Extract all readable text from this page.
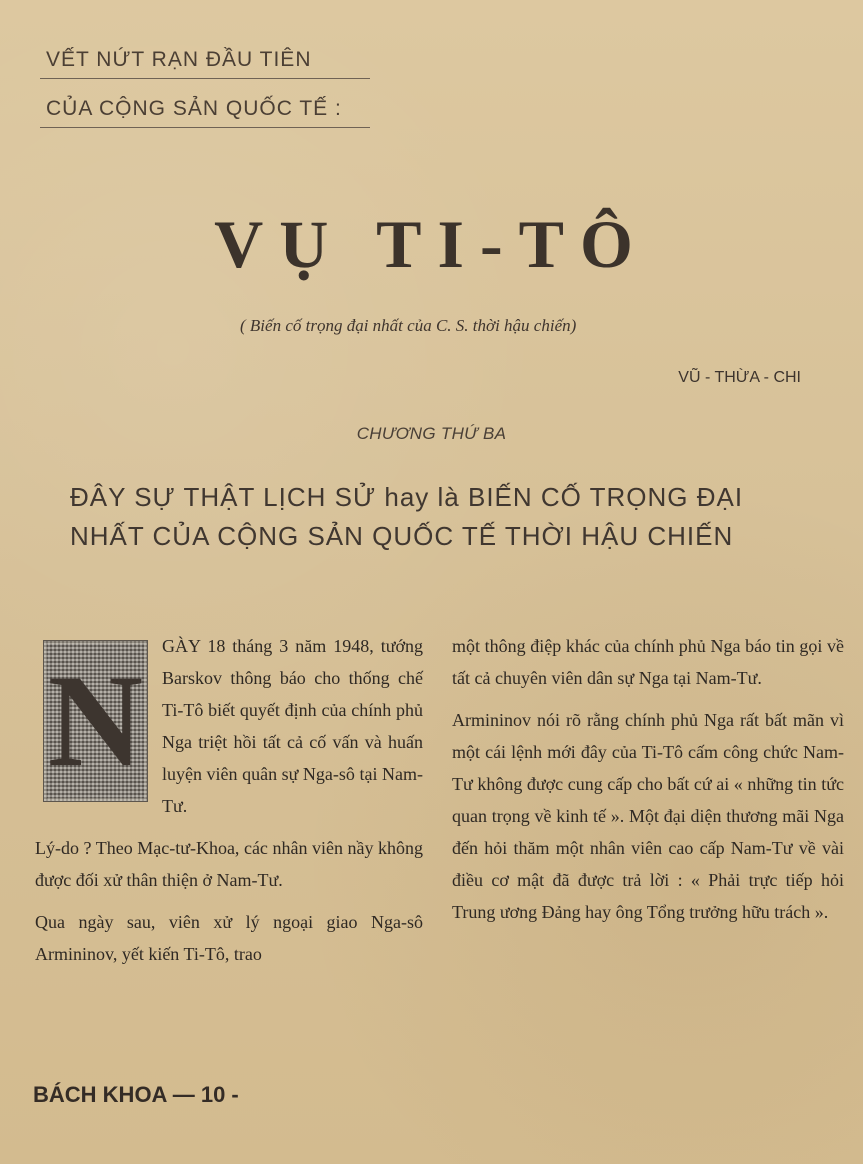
VẾT NỨT RẠN ĐẦU TIÊN
CỦA CỘNG SẢN QUỐC TẾ :
VỤ TI-TÔ
( Biến cố trọng đại nhất của C. S. thời hậu chiến)
VŨ - THỪA - CHI
CHƯƠNG THỨ BA
ĐÂY SỰ THẬT LỊCH SỬ hay là BIẾN CỐ TRỌNG ĐẠI
NHẤT CỦA CỘNG SẢN QUỐC TẾ THỜI HẬU CHIẾN
N

GÀY 18 tháng 3 năm 1948, tướng Barskov thông báo cho thống chế Ti-Tô biết quyết định của chính phủ Nga triệt hồi tất cả cố vấn và huấn luyện viên quân sự Nga-sô tại Nam-Tư.

Lý-do ? Theo Mạc-tư-Khoa, các nhân viên nầy không được đối xử thân thiện ở Nam-Tư.

Qua ngày sau, viên xử lý ngoại giao Nga-sô Armininov, yết kiến Ti-Tô, trao

một thông điệp khác của chính phủ Nga báo tin gọi về tất cả chuyên viên dân sự Nga tại Nam-Tư.

Armininov nói rõ rằng chính phủ Nga rất bất mãn vì một cái lệnh mới đây của Ti-Tô cấm công chức Nam-Tư không được cung cấp cho bất cứ ai « những tin tức quan trọng về kinh tế ». Một đại diện thương mãi Nga đến hỏi thăm một nhân viên cao cấp Nam-Tư về vài điều cơ mật đã được trả lời : « Phải trực tiếp hỏi Trung ương Đảng hay ông Tổng trưởng hữu trách ».

BÁCH KHOA — 10 -
